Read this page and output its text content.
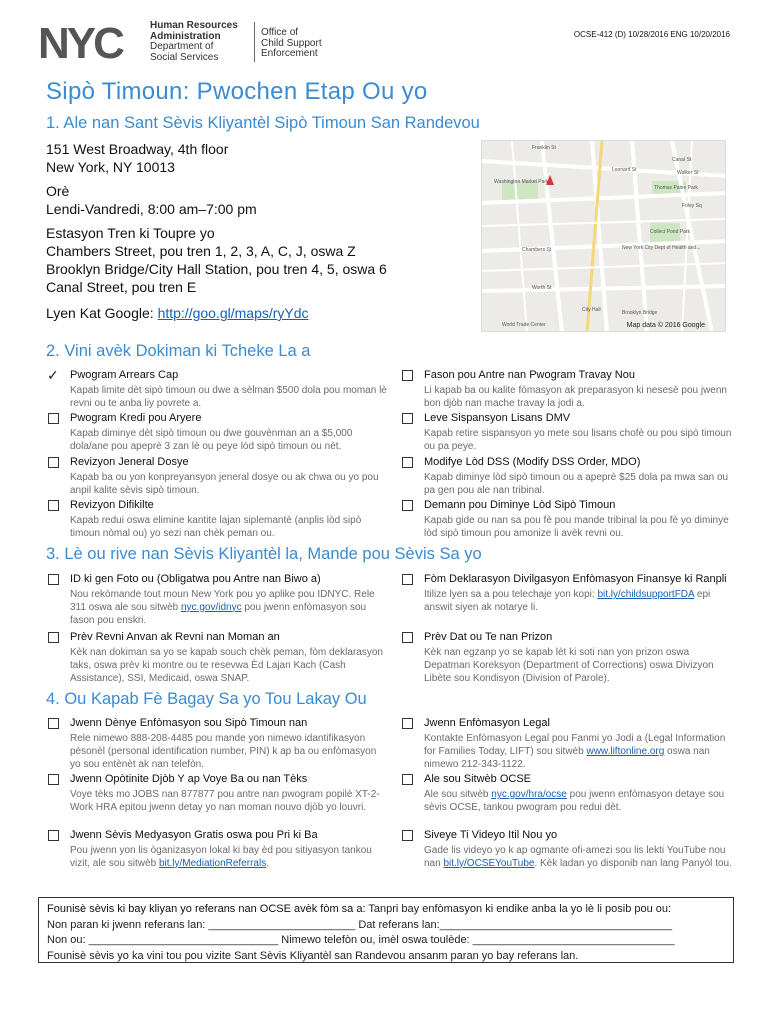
NYC	Human Resources
Administration
Department of
Social Services
Office of
Child Support
Enforcement
OCSE-412 (D) 10/28/2016 ENG 10/20/2016
Sipò Timoun: Pwochen Etap Ou yo
1. Ale nan Sant Sèvis Kliyantèl Sipò Timoun San Randevou
151 West Broadway, 4th floor
New York, NY 10013
Orè
Lendi-Vandredi, 8:00 am–7:00 pm
Estasyon Tren ki Toupre yo
Chambers Street, pou tren 1, 2, 3, A, C, J, oswa Z
Brooklyn Bridge/City Hall Station, pou tren 4, 5, oswa 6
Canal Street, pou tren E
Lyen Kat Google: http://goo.gl/maps/ryYdc
Franklin St
Canal St
Walker St
Leonard St
Thomas Paine Park
Washington Market Park
Collect Pond Park
New York City Dept of Health and...
Chambers St
Worth St
City Hall	Brooklyn Bridge
World Trade Center
Foley Sq
Map data © 2016 Google
2. Vini avèk Dokiman ki Tcheke La a
3. Lè ou rive nan Sèvis Kliyantèl la, Mande pou Sèvis Sa yo
4. Ou Kapab Fè Bagay Sa yo Tou Lakay Ou
Founisè sèvis ki bay kliyan yo referans nan OCSE avèk fòm sa a: Tanpri bay enfòmasyon ki endike anba la yo lè li posib pou ou:
Non paran ki jwenn referans lan: ________________________ Dat referans lan:______________________________________
Non ou: _______________________________ Nimewo telefòn ou, imèl oswa toulède: _________________________________
Founisè sèvis yo ka vini tou pou vizite Sant Sèvis Kliyantèl san Randevou ansanm paran yo bay referans lan.
✓ Pwogram Arrears Cap
Kapab limite dèt sipò timoun ou dwe a sèlman $500 dola pou moman lè revni ou te anba liy povrete a.
Pwogram Kredi pou Aryere
Kapab diminye dèt sipò timoun ou dwe gouvènman an a $5,000 dola/ane pou apeprè 3 zan lè ou peye lòd sipò timoun ou nèt.
Revizyon Jeneral Dosye
Kapab ba ou yon konpreyansyon jeneral dosye ou ak chwa ou yo pou anpil kalite sèvis sipò timoun.
Revizyon Difikilte
Kapab redui oswa elimine kantite lajan siplemantè (anplis lòd sipò timoun nòmal ou) yo sezi nan chèk peman ou.
Fason pou Antre nan Pwogram Travay Nou
Li kapab ba ou kalite fòmasyon ak preparasyon ki nesesè pou jwenn bon djòb nan mache travay la jodi a.
Leve Sispansyon Lisans DMV
Kapab retire sispansyon yo mete sou lisans chofè ou pou sipò timoun ou pa peye.
Modifye Lòd DSS (Modify DSS Order, MDO)
Kapab diminye lòd sipò timoun ou a apeprè $25 dola pa mwa san ou pa gen pou ale nan tribinal.
Demann pou Diminye Lòd Sipò Timoun
Kapab gide ou nan sa pou fè pou mande tribinal la pou fè yo diminye lòd sipò timoun pou amonize li avèk revni ou.
ID ki gen Foto ou (Obligatwa pou Antre nan Biwo a)
Nou rekòmande tout moun New York pou yo aplike pou IDNYC. Rele 311 oswa ale sou sitwèb nyc.gov/idnyc pou jwenn enfòmasyon sou fason pou enskri.
Prèv Revni Anvan ak Revni nan Moman an
Kèk nan dokiman sa yo se kapab souch chèk peman, fòm deklarasyon taks, oswa prèv ki montre ou te resevwa Èd Lajan Kach (Cash Assistance), SSI, Medicaid, oswa SNAP.
Fòm Deklarasyon Divilgasyon Enfòmasyon Finansye ki Ranpli
Itilize lyen sa a pou telechaje yon kopi: bit.ly/childsupportFDA epi answit siyen ak notarye li.
Prèv Dat ou Te nan Prizon
Kèk nan egzanp yo se kapab lèt ki soti nan yon prizon oswa Depatman Koreksyon (Department of Corrections) oswa Divizyon Libète sou Kondisyon (Division of Parole).
Jwenn Dènye Enfòmasyon sou Sipò Timoun nan
Rele nimewo 888-208-4485 pou mande yon nimewo idantifikasyon pèsonèl (personal identification number, PIN) k ap ba ou enfòmasyon yo sou entènèt ak nan telefòn.
Jwenn Opòtinite Djòb Y ap Voye Ba ou nan Tèks
Voye tèks mo JOBS nan 877877 pou antre nan pwogram popilè XT-2-Work HRA epitou jwenn detay yo nan moman nouvo djòb yo louvri.
Jwenn Sèvis Medyasyon Gratis oswa pou Pri ki Ba
Pou jwenn yon lis òganizasyon lokal ki bay èd pou sitiyasyon tankou vizit, ale sou sitwèb bit.ly/MediationReferrals.
Jwenn Enfòmasyon Legal
Kontakte Enfòmasyon Legal pou Fanmi yo Jodi a (Legal Information for Families Today, LIFT) sou sitwèb www.liftonline.org oswa nan nimewo 212-343-1122.
Ale sou Sitwèb OCSE
Ale sou sitwèb nyc.gov/hra/ocse pou jwenn enfòmasyon detaye sou sèvis OCSE, tankou pwogram pou redui dèt.
Siveye Ti Videyo Itil Nou yo
Gade lis videyo yo k ap ogmante ofi-amezi sou lis lekti YouTube nou nan bit.ly/OCSEYouTube. Kèk ladan yo disponib nan lang Panyòl tou.
